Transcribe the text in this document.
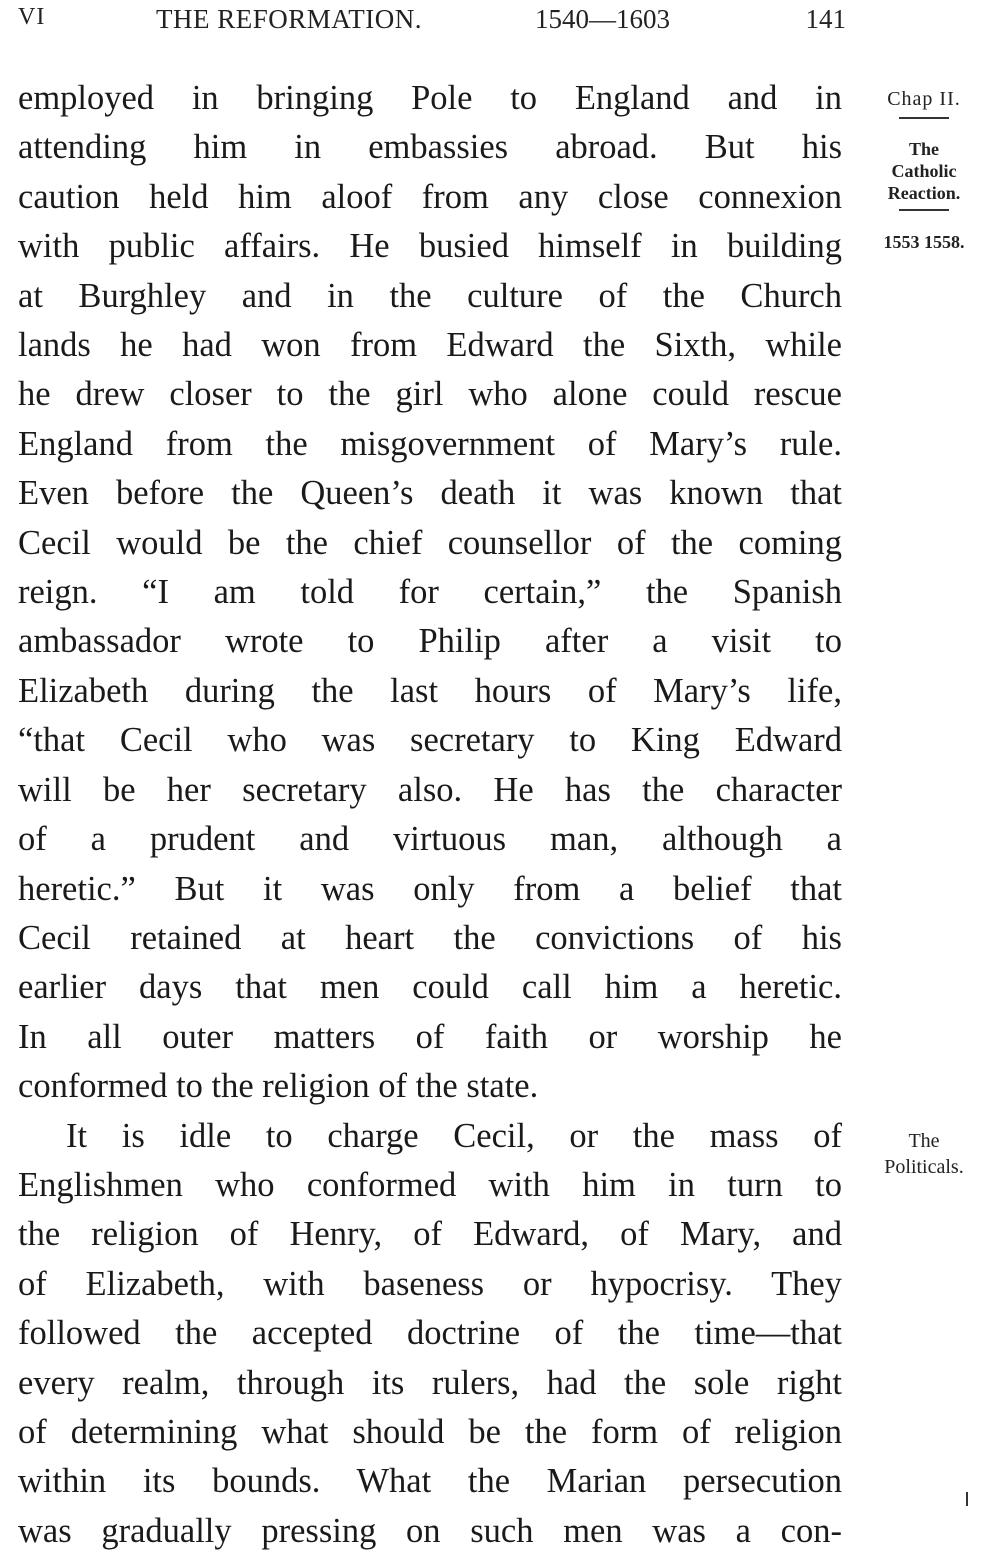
VI	THE REFORMATION.	1540—1603	141

employed in bringing Pole to England and in
attending him in embassies abroad. But his
caution held him aloof from any close connexion
with public affairs. He busied himself in building
at Burghley and in the culture of the Church
lands he had won from Edward the Sixth, while
he drew closer to the girl who alone could rescue
England from the misgovernment of Mary’s rule.
Even before the Queen’s death it was known that
Cecil would be the chief counsellor of the coming
reign. “I am told for certain,” the Spanish
ambassador wrote to Philip after a visit to
Elizabeth during the last hours of Mary’s life,
“that Cecil who was secretary to King Edward
will be her secretary also. He has the character
of a prudent and virtuous man, although a
heretic.” But it was only from a belief that
Cecil retained at heart the convictions of his
earlier days that men could call him a heretic.
In all outer matters of faith or worship he
conformed to the religion of the state.

It is idle to charge Cecil, or the mass of
Englishmen who conformed with him in turn to
the religion of Henry, of Edward, of Mary, and
of Elizabeth, with baseness or hypocrisy. They
followed the accepted doctrine of the time—that
every realm, through its rulers, had the sole right
of determining what should be the form of religion
within its bounds. What the Marian persecution
was gradually pressing on such men was a con-

Chap II.
The
Catholic
Reaction.
1553 1558.
The
Politicals.
